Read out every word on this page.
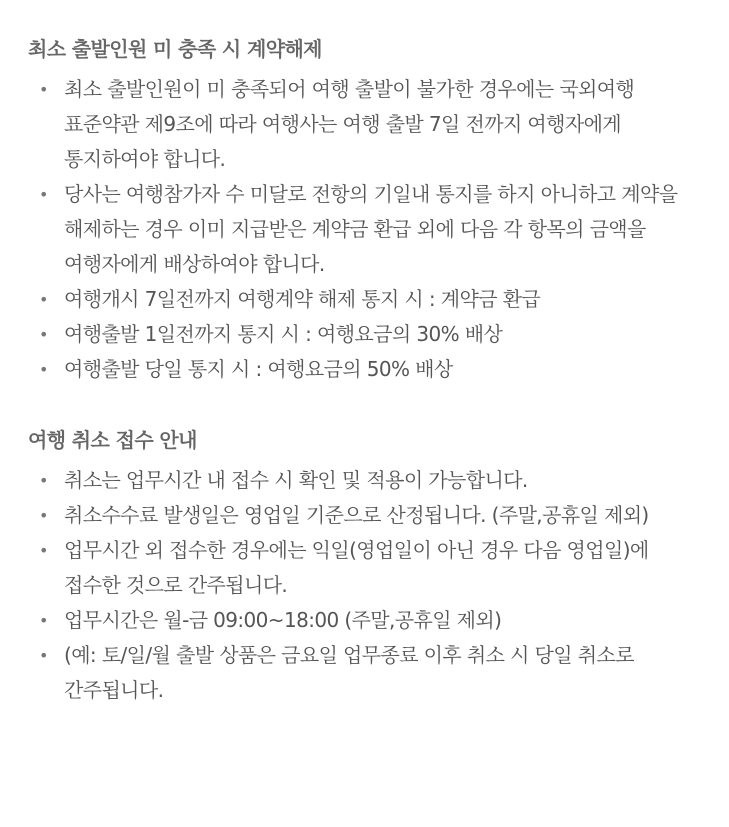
최소 출발인원 미 충족 시 계약해제
• 최소 출발인원이 미 충족되어 여행 출발이 불가한 경우에는 국외여행 표준약관 제9조에 따라 여행사는 여행 출발 7일 전까지 여행자에게 통지하여야 합니다.
• 당사는 여행참가자 수 미달로 전항의 기일내 통지를 하지 아니하고 계약을 해제하는 경우 이미 지급받은 계약금 환급 외에 다음 각 항목의 금액을 여행자에게 배상하여야 합니다.
• 여행개시 7일전까지 여행계약 해제 통지 시 : 계약금 환급
• 여행출발 1일전까지 통지 시 : 여행요금의 30% 배상
• 여행출발 당일 통지 시 : 여행요금의 50% 배상
여행 취소 접수 안내
• 취소는 업무시간 내 접수 시 확인 및 적용이 가능합니다.
• 취소수수료 발생일은 영업일 기준으로 산정됩니다. (주말,공휴일 제외)
• 업무시간 외 접수한 경우에는 익일(영업일이 아닌 경우 다음 영업일)에 접수한 것으로 간주됩니다.
• 업무시간은 월-금 09:00~18:00 (주말,공휴일 제외)
• (예: 토/일/월 출발 상품은 금요일 업무종료 이후 취소 시 당일 취소로 간주됩니다.
